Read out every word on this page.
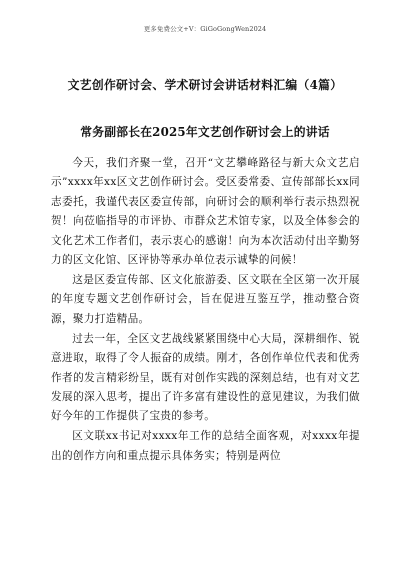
更多免费公文+V：GiGoGongWen2024
文艺创作研讨会、学术研讨会讲话材料汇编（4篇）
常务副部长在2025年文艺创作研讨会上的讲话

今天，我们齐聚一堂，召开“文艺攀峰路径与新大众文艺启示”xxxx年xx区文艺创作研讨会。受区委常委、宣传部部长xx同志委托，我谨代表区委宣传部，向研讨会的顺利举行表示热烈祝贺！向莅临指导的市评协、市群众艺术馆专家，以及全体参会的文化艺术工作者们，表示衷心的感谢！向为本次活动付出辛勤努力的区文化馆、区评协等承办单位表示诚挚的问候！

这是区委宣传部、区文化旅游委、区文联在全区第一次开展的年度专题文艺创作研讨会，旨在促进互鉴互学，推动整合资源，聚力打造精品。

过去一年，全区文艺战线紧紧围绕中心大局，深耕细作、锐意进取，取得了令人振奋的成绩。刚才，各创作单位代表和优秀作者的发言精彩纷呈，既有对创作实践的深刻总结，也有对文艺发展的深入思考，提出了许多富有建设性的意见建议，为我们做好今年的工作提供了宝贵的参考。

区文联xx书记对xxxx年工作的总结全面客观，对xxxx年提出的创作方向和重点提示具体务实；特别是两位
